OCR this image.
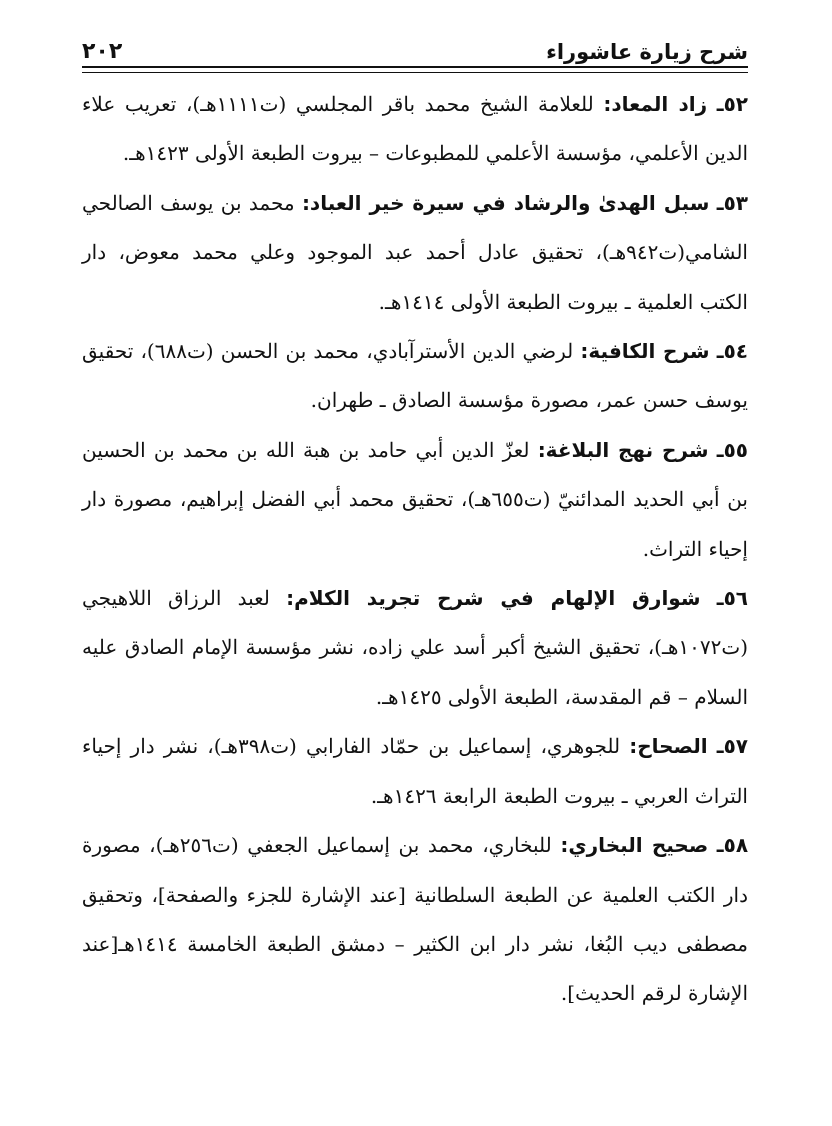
شرح زيارة عاشوراء
٢٠٢

٥٢ـ زاد المعاد: للعلامة الشيخ محمد باقر المجلسي (ت١١١١هـ)، تعريب علاء الدين الأعلمي، مؤسسة الأعلمي للمطبوعات – بيروت الطبعة الأولى ١٤٢٣هـ.

٥٣ـ سبل الهدىٰ والرشاد في سيرة خير العباد: محمد بن يوسف الصالحي الشامي(ت٩٤٢هـ)، تحقيق عادل أحمد عبد الموجود وعلي محمد معوض، دار الكتب العلمية ـ بيروت الطبعة الأولى ١٤١٤هـ.

٥٤ـ شرح الكافية: لرضي الدين الأسترآبادي، محمد بن الحسن (ت٦٨٨)، تحقيق يوسف حسن عمر، مصورة مؤسسة الصادق ـ طهران.

٥٥ـ شرح نهج البلاغة: لعزّ الدين أبي حامد بن هبة الله بن محمد بن الحسين بن أبي الحديد المدائنيّ (ت٦٥٥هـ)، تحقيق محمد أبي الفضل إبراهيم، مصورة دار إحياء التراث.

٥٦ـ شوارق الإلهام في شرح تجريد الكلام: لعبد الرزاق اللاهيجي (ت١٠٧٢هـ)، تحقيق الشيخ أكبر أسد علي زاده، نشر مؤسسة الإمام الصادق عليه السلام – قم المقدسة، الطبعة الأولى ١٤٢٥هـ.

٥٧ـ الصحاح: للجوهري، إسماعيل بن حمّاد الفارابي (ت٣٩٨هـ)، نشر دار إحياء التراث العربي ـ بيروت الطبعة الرابعة ١٤٢٦هـ.

٥٨ـ صحيح البخاري: للبخاري، محمد بن إسماعيل الجعفي (ت٢٥٦هـ)، مصورة دار الكتب العلمية عن الطبعة السلطانية [عند الإشارة للجزء والصفحة]، وتحقيق مصطفى ديب البُغا، نشر دار ابن الكثير – دمشق الطبعة الخامسة ١٤١٤هـ[عند الإشارة لرقم الحديث].
